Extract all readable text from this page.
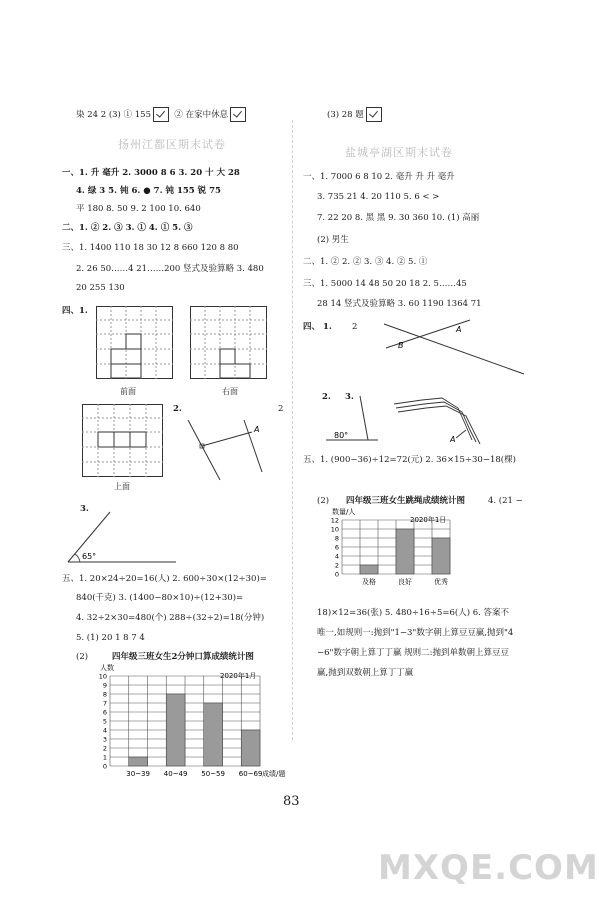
染 24 2 (3) ① 155	② 在家中休息	(3) 28 题
扬州江都区期末试卷
一、1. 升 毫升 2. 3000 8 6 3. 20 十 大 28
4. 绿 3 5. 钝 6. ● 7. 钝 155 锐 75
平 180 8. 50 9. 2 100 10. 640
二、1. ② 2. ③ 3. ① 4. ① 5. ③
三、1. 1400 110 18 30 12 8 660 120 8 80
2. 26 50……4 21……200 竖式及验算略 3. 480
20 255 130
四、1.
前面	右面
上面
2.	2
A
3.
65°
五、1. 20×24÷20=16(人) 2. 600÷30×(12÷30)=
840(千克) 3. (1400−80×10)÷(12+30)=
4. 32÷2×30=480(个) 288÷(32÷2)=18(分钟)
5. (1) 20 1 8 7 4
(2)	四年级三班女生2分钟口算成绩统计图
人数
2020年1月
0
1
2
3
4
5
6
7
8
9
10
30~39 40~49 50~59 60~69 成绩/题
盐城亭湖区期末试卷
一、1. 7000 6 8 10 2. 毫升 升 升 毫升
3. 735 21 4. 20 110 5. 6 < >
7. 22 20 8. 黑 黑 9. 30 360 10. (1) 高丽
(2) 男生
二、1. ② 2. ② 3. ③ 4. ② 5. ①
三、1. 5000 14 48 50 20 18 2. 5……45
28 14 竖式及验算略 3. 60 1190 1364 71
四、 1. 2
B
A
2. 3.
80°	A
五、1. (900−36)÷12=72(元) 2. 36×15÷30−18(棵)
(2) 四年级三班女生跳绳成绩统计图	4. (21 −
数量/人
2020年1日
0
2
4
6
8
10
12
及格	良好	优秀
18)×12=36(张) 5. 480÷16÷5=6(人) 6. 答案不
唯一,如规则一:抛到"1−3"数字朝上算豆豆赢,抛到"4
−6"数字朝上算丁丁赢 规则二:抛到单数朝上算豆豆
赢,抛到双数朝上算丁丁赢
83
MXQE.COM
